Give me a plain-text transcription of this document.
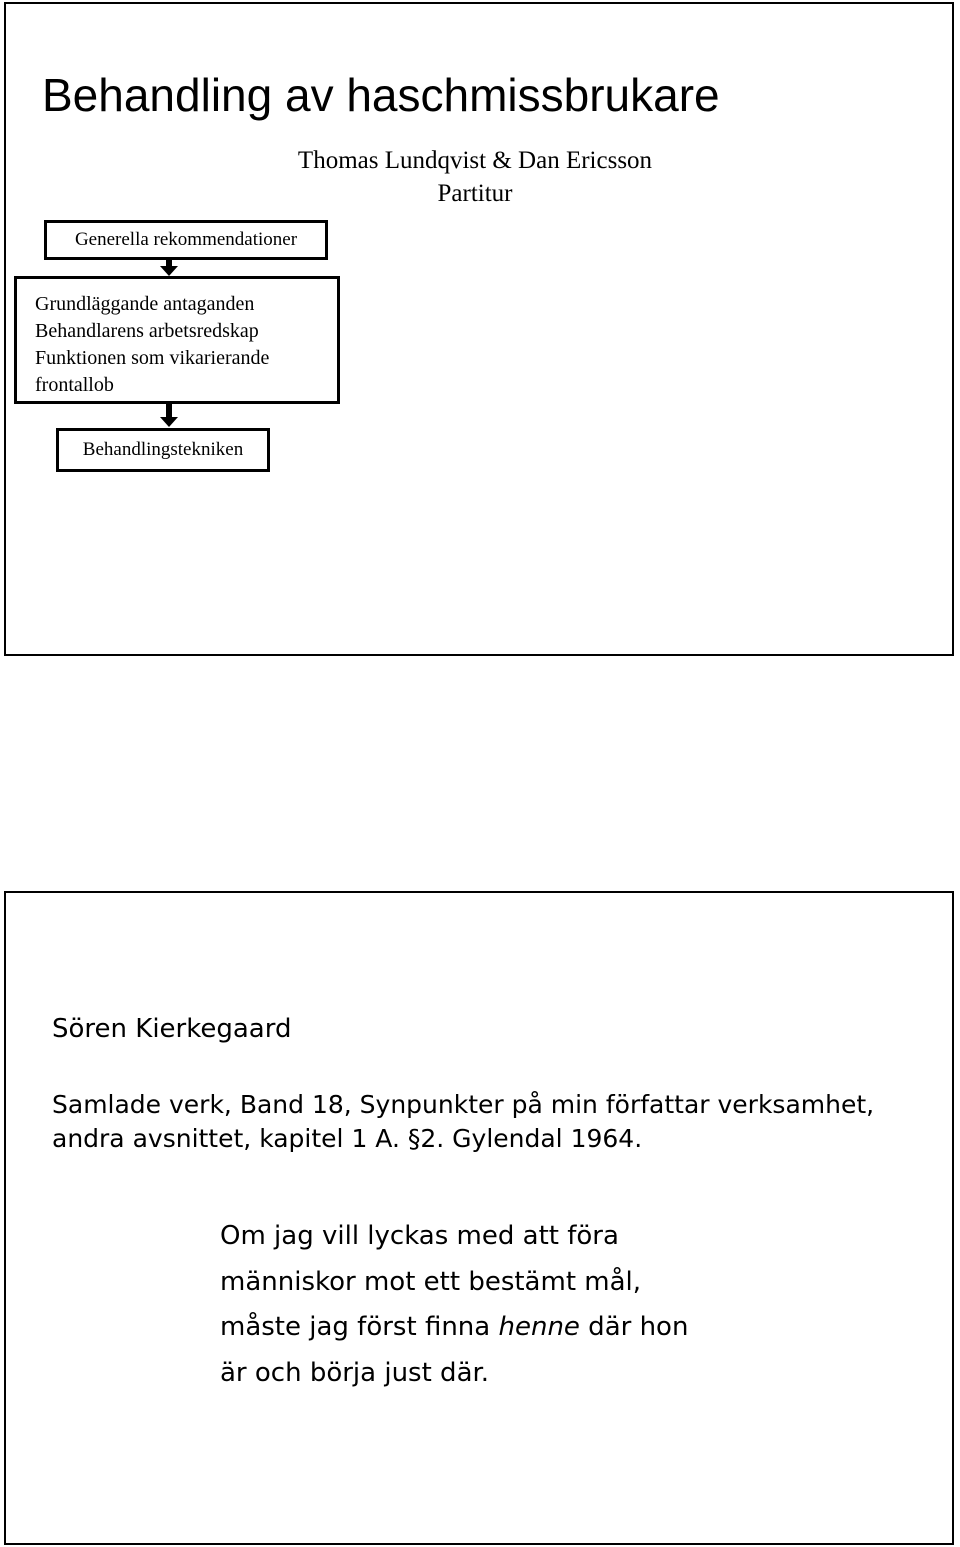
Behandling av haschmissbrukare
Thomas Lundqvist & Dan Ericsson
Partitur
Generella rekommendationer
Grundläggande antaganden
Behandlarens arbetsredskap
Funktionen som vikarierande
frontallob
Behandlingstekniken
Sören Kierkegaard
Samlade verk, Band 18, Synpunkter på min författar verksamhet,
andra avsnittet, kapitel 1 A. §2. Gylendal 1964.
Om jag vill lyckas med att föra
människor mot ett bestämt mål,
måste jag först finna henne där hon
är och börja just där.
